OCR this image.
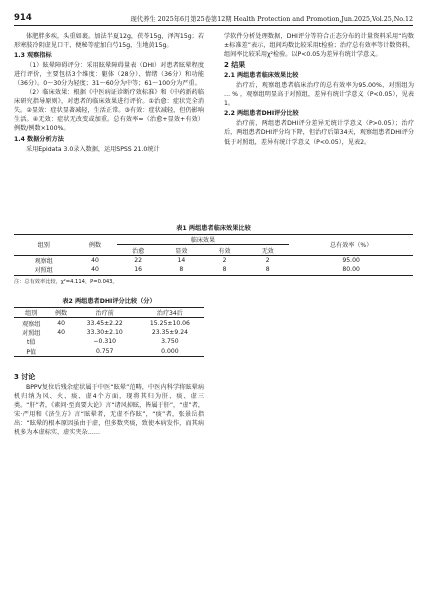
914	现代养生 2025年6月第25卷第12期 Health Protection and Promotion,Jun.2025,Vol.25,No.12

体肥胖多疾，头重如裹。加法半夏12g，茯苓15g，泽泻15g；若形寒肢冷阴虚见口干、便秘等症加白芍15g，生地黄15g。

1.3 观察指标

（1）眩晕障碍评分：采用眩晕障碍量表（DHI）对患者眩晕程度进行评价，主要包括3个维度：躯体（28分）、情绪（36分）和功能（36分）。0～30分为轻度；31～60分为中等；61～100分为严重。

（2）临床效果：根据《中医病证诊断疗效标准》和《中药新药临床研究指导原则》，对患者的临床效果进行评价。①治愈：症状完全消失。②显效：症状显著减轻，生活正常。③有效：症状减轻，但仍影响生活。④无效：症状无改变或加重。总有效率=（治愈+显效+有效）例数/例数×100%。

1.4 数据分析方法

采用Epidata 3.0录入数据，运用SPSS 21.0统计

学软件分析处理数据，DHI评分等符合正态分布的计量资料采用“均数±标准差”表示，组间均数比较采用t检验；治疗总有效率等计数资料，组间率比较采用χ²检验。以P<0.05为差异有统计学意义。

2 结果

2.1 两组患者临床效果比较

治疗后，观察组患者临床治疗的总有效率为95.00%，对照组为 … % ，观察组明显高于对照组，差异有统计学意义（P<0.05），见表1。

2.2 两组患者DHI评分比较

治疗前，两组患者DHI评分差异无统计学意义（P>0.05）；治疗后，两组患者DHI评分均下降，但治疗后第34天，观察组患者DHI评分低于对照组，差异有统计学意义（P<0.05），见表2。

表1 两组患者临床效果比较
组别	例数	临床效果				总有效率（%）
		治愈	显效	有效	无效	
观察组	40	22	14	2	2	95.00
对照组	40	16	8	8	8	80.00
注：总有效率比较，χ²=4.114，P=0.043。
表2 两组患者DHI评分比较（分）
组别	例数	治疗前	治疗34后
观察组	40	33.45±2.22	15.25±10.06
对照组	40	33.30±2.10	23.35±9.24
t值		−0.310	3.750
P值		0.757	0.000

3 讨论

BPPV复位后残余症状属于中医“眩晕”范畴，中医内科学将眩晕病机归纳为风、火、痰、虚4个方面，现将其归为肝、痰、虚三类。“肝”者，《素问·至真要大论》言“诸风掉眩，皆属于肝”，“虚”者，宋·严用和《济生方》言“眩晕者，无虚不作眩”，“痰”者，张景岳指出：“眩晕的根本原因虽由于虚，但多数夹痰，致使本病发作，而其病机多为本虚标实、虚实夹杂……
